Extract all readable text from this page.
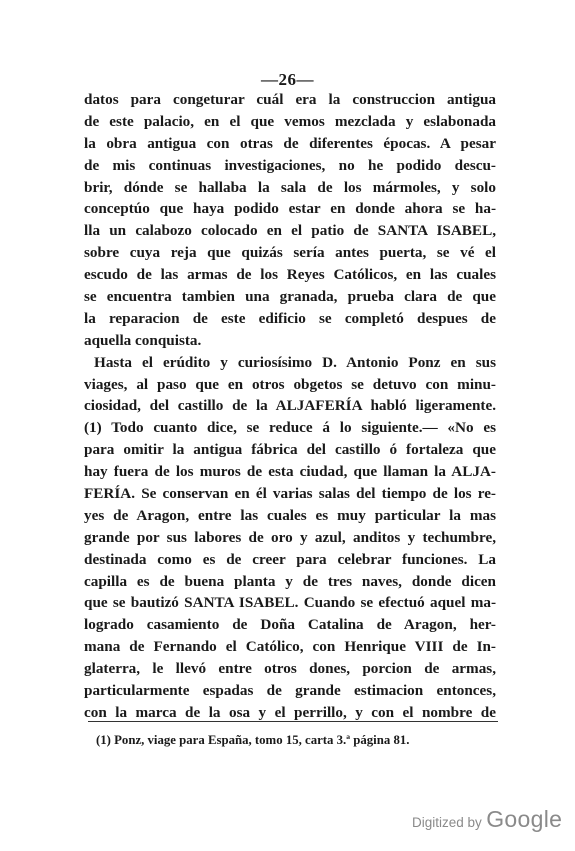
—26—
datos para congeturar cuál era la construccion antigua
de este palacio, en el que vemos mezclada y eslabonada
la obra antigua con otras de diferentes épocas. A pesar
de mis continuas investigaciones, no he podido descu-
brir, dónde se hallaba la sala de los mármoles, y solo
conceptúo que haya podido estar en donde ahora se ha-
lla un calabozo colocado en el patio de SANTA ISABEL,
sobre cuya reja que quizás sería antes puerta, se vé el
escudo de las armas de los Reyes Católicos, en las cuales
se encuentra tambien una granada, prueba clara de que
la reparacion de este edificio se completó despues de
aquella conquista.
Hasta el erúdito y curiosísimo D. Antonio Ponz en sus
viages, al paso que en otros obgetos se detuvo con minu-
ciosidad, del castillo de la ALJAFERÍA habló ligeramente.
(1) Todo cuanto dice, se reduce á lo siguiente.— «No es
para omitir la antigua fábrica del castillo ó fortaleza que
hay fuera de los muros de esta ciudad, que llaman la ALJA-
FERÍA. Se conservan en él varias salas del tiempo de los re-
yes de Aragon, entre las cuales es muy particular la mas
grande por sus labores de oro y azul, anditos y techumbre,
destinada como es de creer para celebrar funciones. La
capilla es de buena planta y de tres naves, donde dicen
que se bautizó SANTA ISABEL. Cuando se efectuó aquel ma-
logrado casamiento de Doña Catalina de Aragon, her-
mana de Fernando el Católico, con Henrique VIII de In-
glaterra, le llevó entre otros dones, porcion de armas,
particularmente espadas de grande estimacion entonces,
con la marca de la osa y el perrillo, y con el nombre de
(1) Ponz, viage para España, tomo 15, carta 3.ª página 81.
Digitized by Google
